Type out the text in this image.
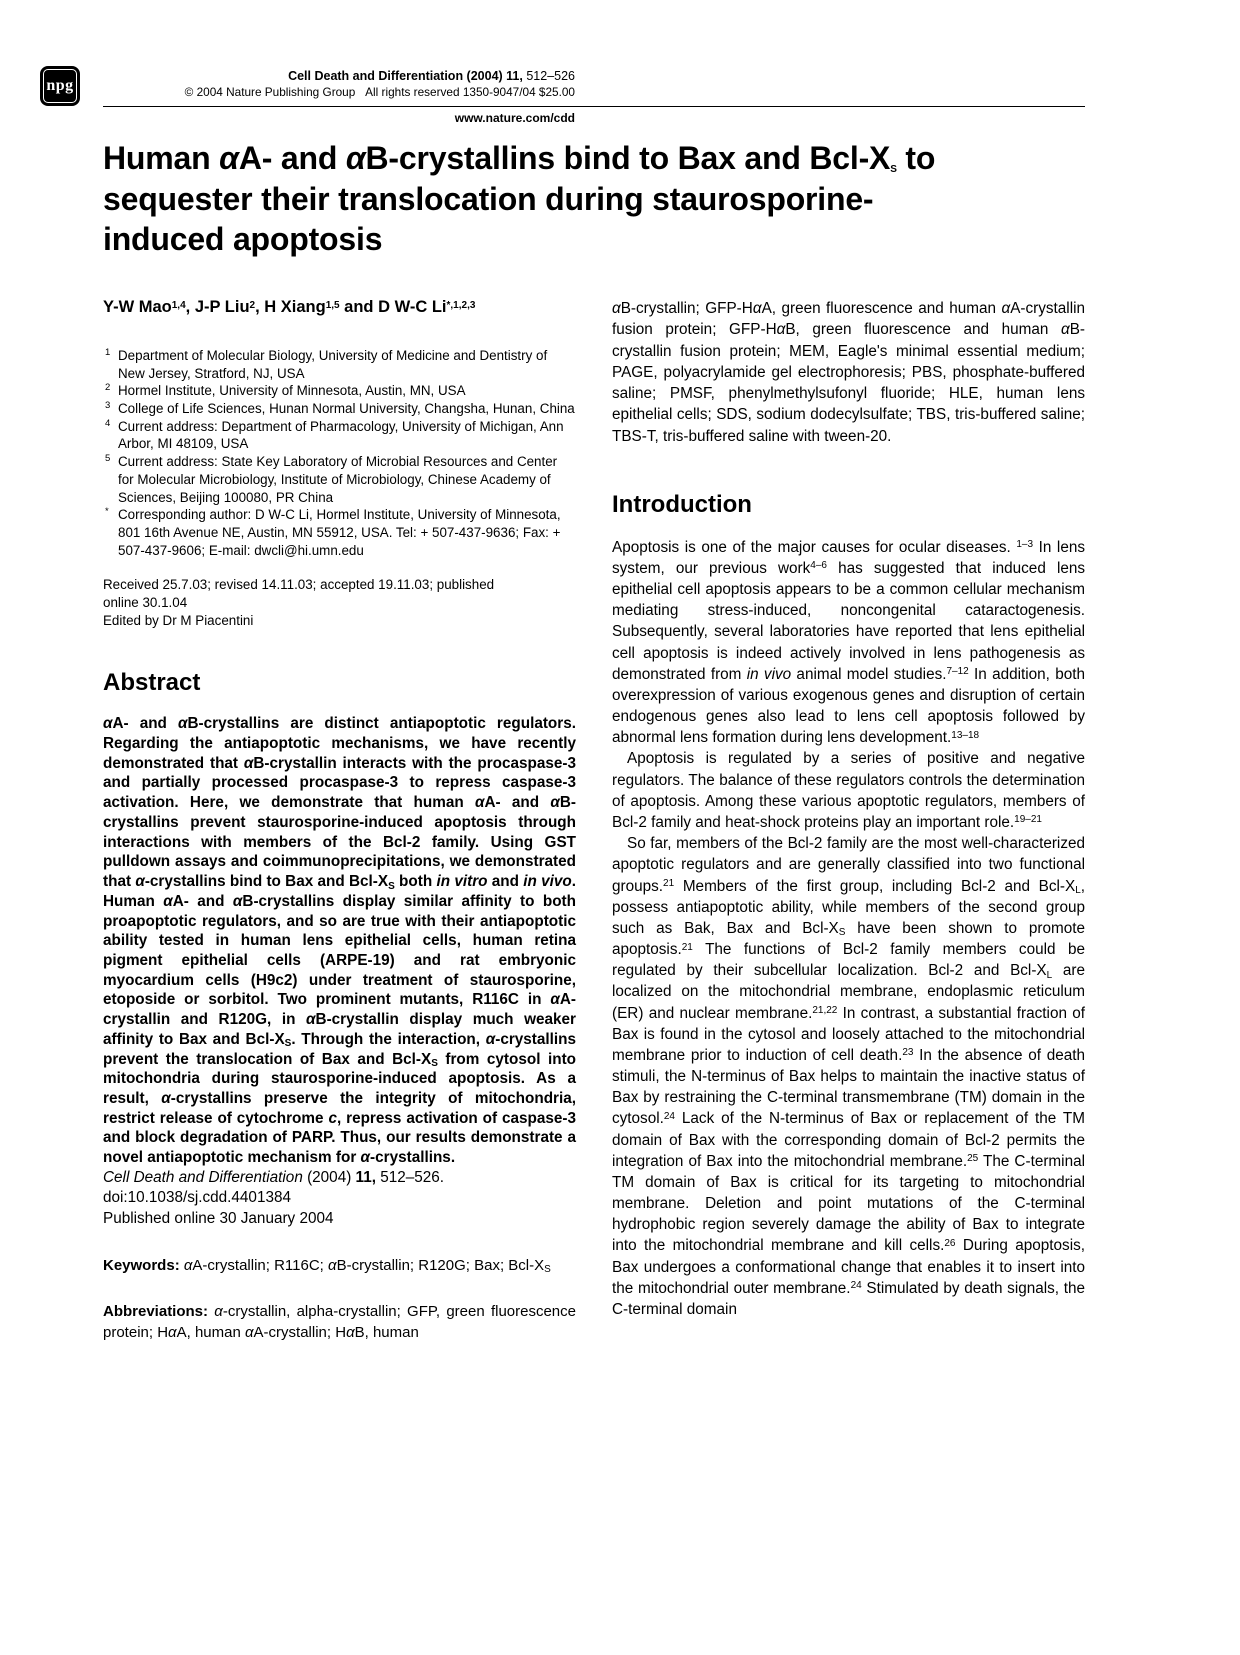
npg
Cell Death and Differentiation (2004) 11, 512–526
© 2004 Nature Publishing Group   All rights reserved 1350-9047/04 $25.00
www.nature.com/cdd
Human αA- and αB-crystallins bind to Bax and Bcl-$X_S$ to
sequester their translocation during staurosporine-
induced apoptosis
Y-W Mao$^{1,4}$, J-P Liu$^2$, H Xiang$^{1,5}$ and D W-C $Li^{*,1,2,3}$
1 Department of Molecular Biology, University of Medicine and Dentistry of New Jersey, Stratford, NJ, USA
2 Hormel Institute, University of Minnesota, Austin, MN, USA
3 College of Life Sciences, Hunan Normal University, Changsha, Hunan, China
4 Current address: Department of Pharmacology, University of Michigan, Ann Arbor, MI 48109, USA
5 Current address: State Key Laboratory of Microbial Resources and Center for Molecular Microbiology, Institute of Microbiology, Chinese Academy of Sciences, Beijing 100080, PR China
* Corresponding author: D W-C Li, Hormel Institute, University of Minnesota, 801 16th Avenue NE, Austin, MN 55912, USA. Tel: + 507-437-9636; Fax: + 507-437-9606; E-mail: dwcli@hi.umn.edu
Received 25.7.03; revised 14.11.03; accepted 19.11.03; published online 30.1.04
Edited by Dr M Piacentini
Abstract

αA- and αB-crystallins are distinct antiapoptotic regulators. Regarding the antiapoptotic mechanisms, we have recently demonstrated that αB-crystallin interacts with the procaspase-3 and partially processed procaspase-3 to repress caspase-3 activation. Here, we demonstrate that human αA- and αB-crystallins prevent staurosporine-induced apoptosis through interactions with members of the Bcl-2 family. Using GST pulldown assays and coimmunoprecipitations, we demonstrated that α-crystallins bind to Bax and Bcl-$X_S$ both in vitro and in vivo. Human αA- and αB-crystallins display similar affinity to both proapoptotic regulators, and so are true with their antiapoptotic ability tested in human lens epithelial cells, human retina pigment epithelial cells (ARPE-19) and rat embryonic myocardium cells (H9c2) under treatment of staurosporine, etoposide or sorbitol. Two prominent mutants, R116C in αA-crystallin and R120G, in αB-crystallin display much weaker affinity to Bax and Bcl-$X_S$. Through the interaction, α-crystallins prevent the translocation of Bax and Bcl-$X_S$ from cytosol into mitochondria during staurosporine-induced apoptosis. As a result, α-crystallins preserve the integrity of mitochondria, restrict release of cytochrome c, repress activation of caspase-3 and block degradation of PARP. Thus, our results demonstrate a novel antiapoptotic mechanism for α-crystallins.

Cell Death and Differentiation (2004) 11, 512–526.

doi:10.1038/sj.cdd.4401384

Published online 30 January 2004

Keywords: αA-crystallin; R116C; αB-crystallin; R120G; Bax; Bcl-$X_S$

Abbreviations: α-crystallin, alpha-crystallin; GFP, green fluorescence protein; HαA, human αA-crystallin; HαB, human

αB-crystallin; GFP-HαA, green fluorescence and human αA-crystallin fusion protein; GFP-HαB, green fluorescence and human αB-crystallin fusion protein; MEM, Eagle's minimal essential medium; PAGE, polyacrylamide gel electrophoresis; PBS, phosphate-buffered saline; PMSF, phenylmethylsufonyl fluoride; HLE, human lens epithelial cells; SDS, sodium dodecylsulfate; TBS, tris-buffered saline; TBS-T, tris-buffered saline with tween-20.

Introduction

Apoptosis is one of the major causes for ocular diseases. $^{1-3}$ In lens system, our previous work$^{4-6}$ has suggested that induced lens epithelial cell apoptosis appears to be a common cellular mechanism mediating stress-induced, noncongenital cataractogenesis. Subsequently, several laboratories have reported that lens epithelial cell apoptosis is indeed actively involved in lens pathogenesis as demonstrated from in vivo animal model studies.$^{7-12}$ In addition, both overexpression of various exogenous genes and disruption of certain endogenous genes also lead to lens cell apoptosis followed by abnormal lens formation during lens development.$^{13-18}$

Apoptosis is regulated by a series of positive and negative regulators. The balance of these regulators controls the determination of apoptosis. Among these various apoptotic regulators, members of Bcl-2 family and heat-shock proteins play an important role.$^{19-21}$

So far, members of the Bcl-2 family are the most well-characterized apoptotic regulators and are generally classified into two functional groups.$^{21}$ Members of the first group, including Bcl-2 and Bcl-$X_L$, possess antiapoptotic ability, while members of the second group such as Bak, Bax and Bcl-$X_S$ have been shown to promote apoptosis.$^{21}$ The functions of Bcl-2 family members could be regulated by their subcellular localization. Bcl-2 and Bcl-$X_L$ are localized on the mitochondrial membrane, endoplasmic reticulum (ER) and nuclear membrane.$^{21,22}$ In contrast, a substantial fraction of Bax is found in the cytosol and loosely attached to the mitochondrial membrane prior to induction of cell death.$^{23}$ In the absence of death stimuli, the N-terminus of Bax helps to maintain the inactive status of Bax by restraining the C-terminal transmembrane (TM) domain in the cytosol.$^{24}$ Lack of the N-terminus of Bax or replacement of the TM domain of Bax with the corresponding domain of Bcl-2 permits the integration of Bax into the mitochondrial membrane.$^{25}$ The C-terminal TM domain of Bax is critical for its targeting to mitochondrial membrane. Deletion and point mutations of the C-terminal hydrophobic region severely damage the ability of Bax to integrate into the mitochondrial membrane and kill cells.$^{26}$ During apoptosis, Bax undergoes a conformational change that enables it to insert into the mitochondrial outer membrane.$^{24}$ Stimulated by death signals, the C-terminal domain
